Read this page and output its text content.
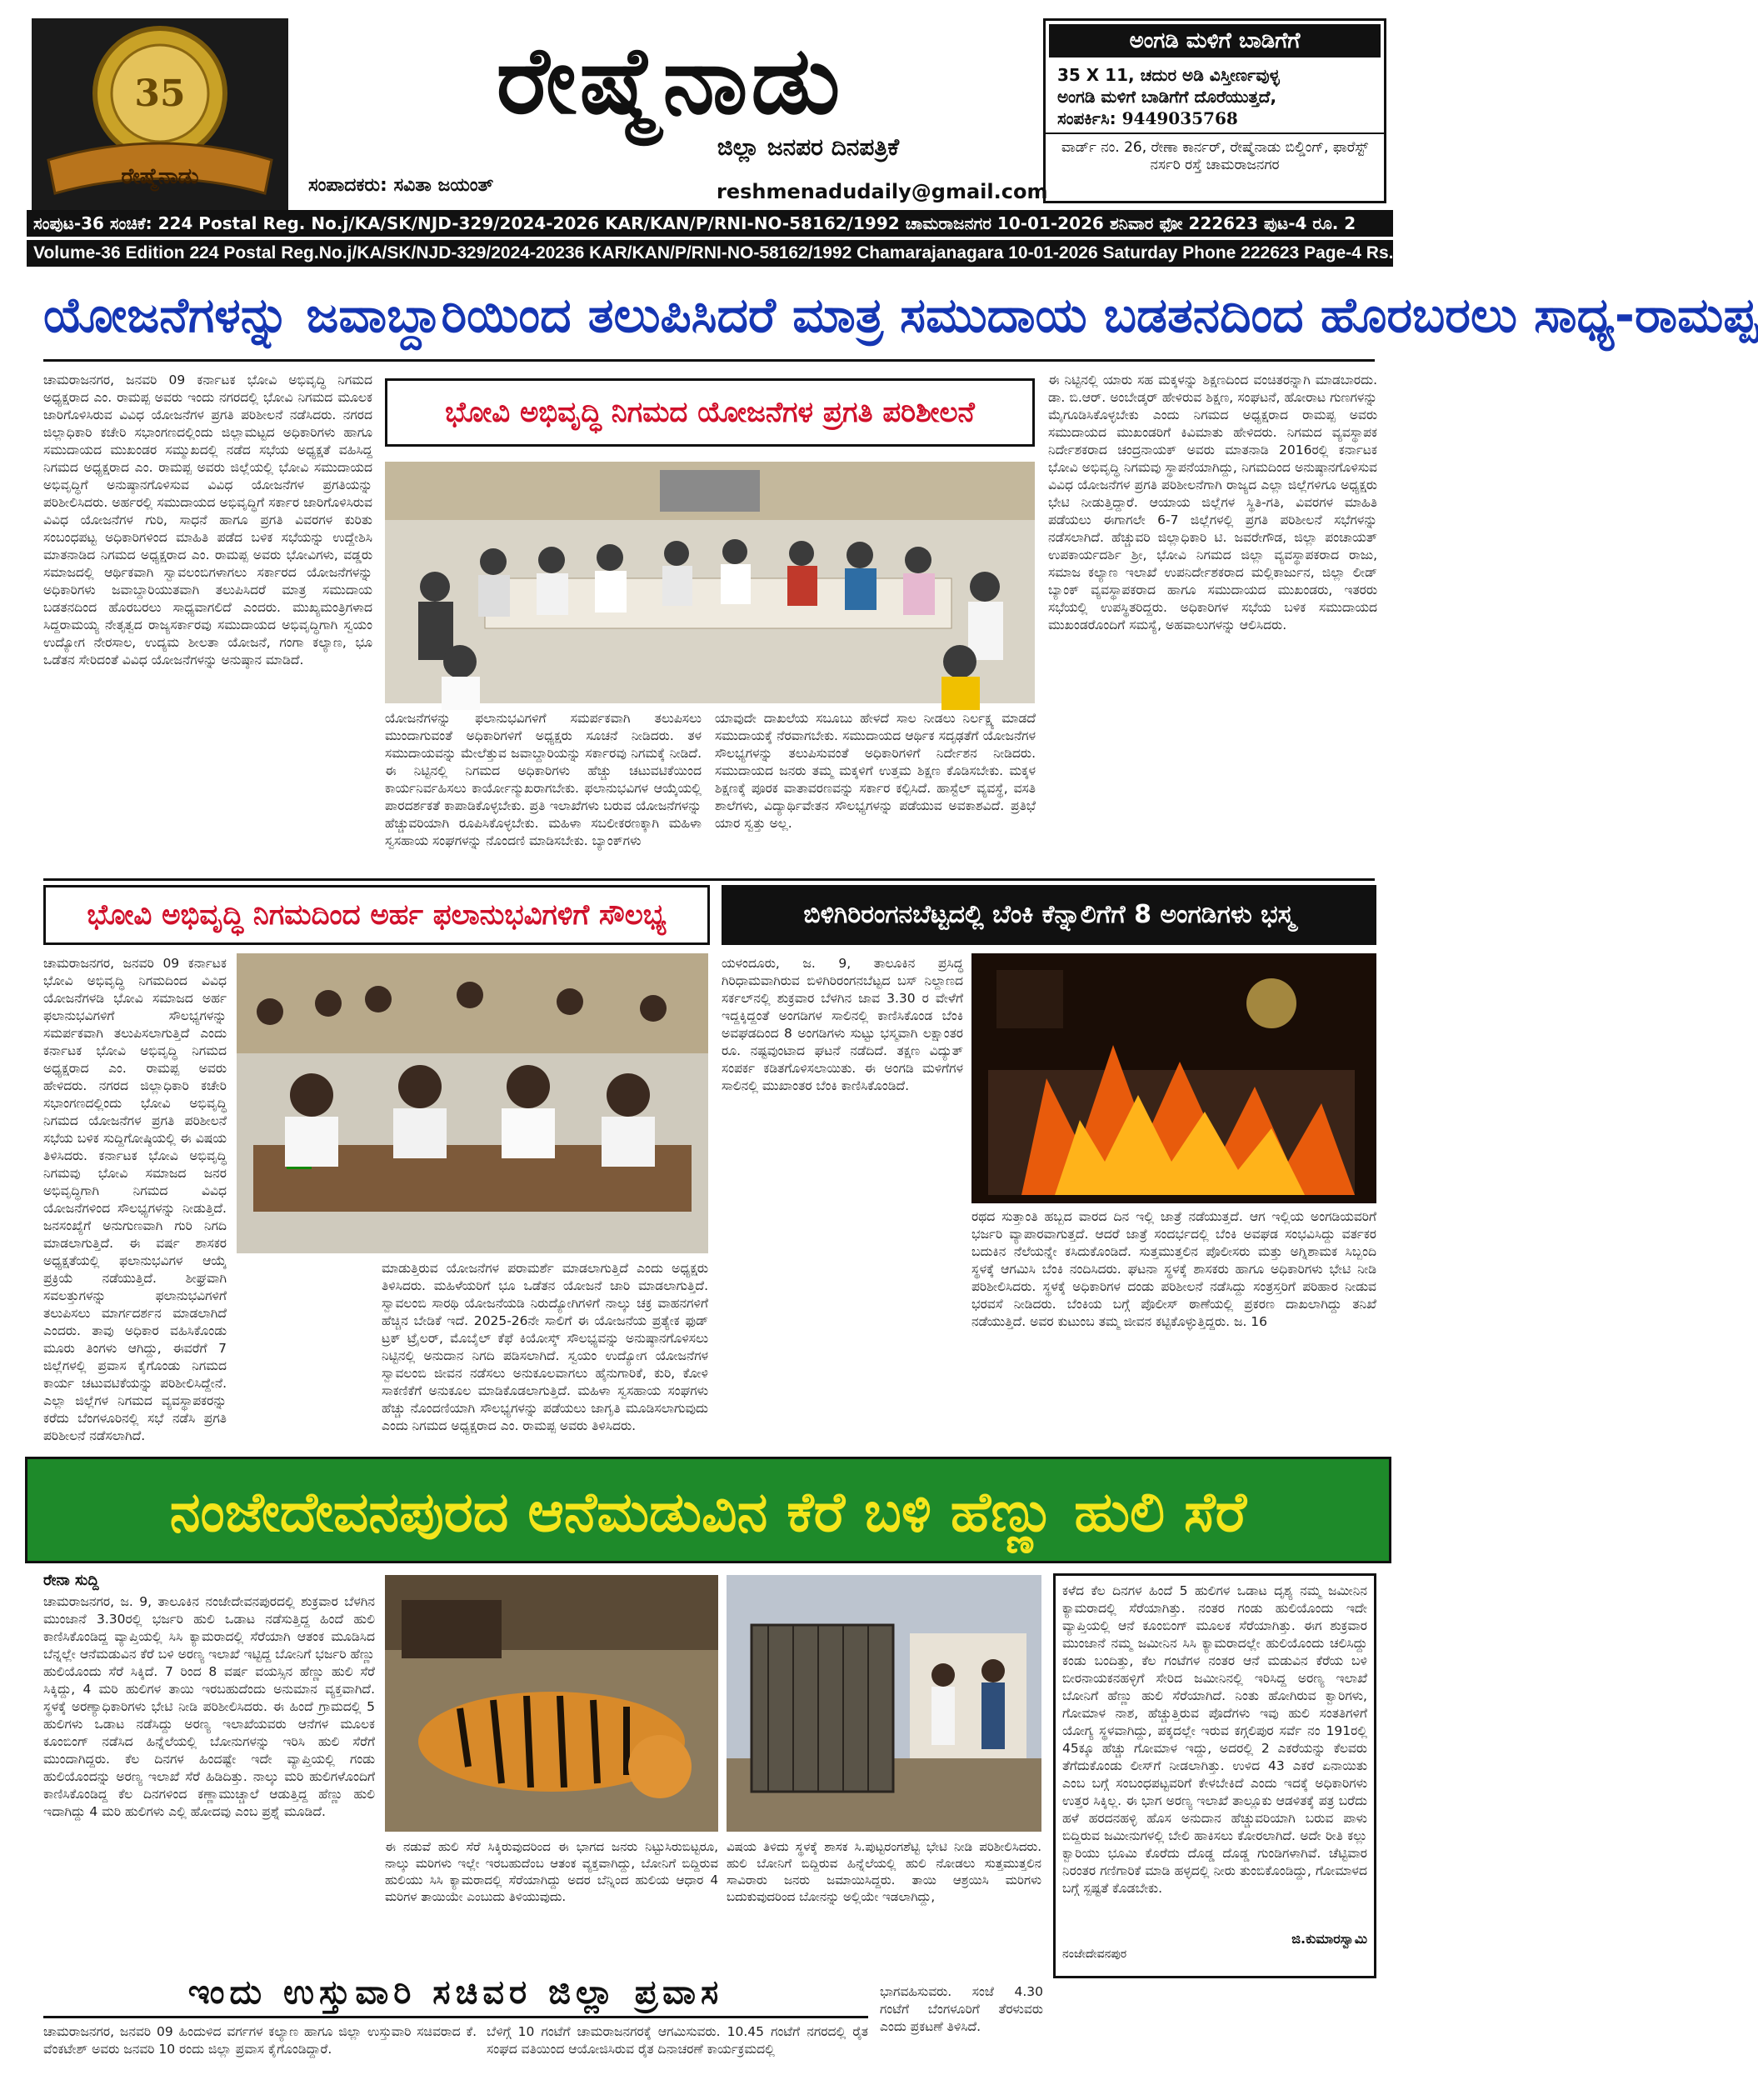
35
ರೇಷ್ಮೆನಾಡು
ರೇಷ್ಮೆನಾಡು
ಜಿಲ್ಲಾ ಜನಪರ ದಿನಪತ್ರಿಕೆ
ಸಂಪಾದಕರು: ಸವಿತಾ ಜಯಂತ್	reshmenadudaily@gmail.com
ಅಂಗಡಿ ಮಳಿಗೆ ಬಾಡಿಗೆಗೆ
35 X 11, ಚದುರ ಅಡಿ ವಿಸ್ತೀರ್ಣವುಳ್ಳ
ಅಂಗಡಿ ಮಳಿಗೆ ಬಾಡಿಗೆಗೆ ದೊರೆಯುತ್ತದೆ,
ಸಂಪರ್ಕಿಸಿ: 9449035768
ವಾರ್ಡ್ ನಂ. 26, ರೇಣಾ ಕಾರ್ನರ್, ರೇಷ್ಮೆನಾಡು ಬಿಲ್ಡಿಂಗ್, ಫಾರೆಸ್ಟ್ ನರ್ಸರಿ ರಸ್ತೆ ಚಾಮರಾಜನಗರ
ಸಂಪುಟ-36 ಸಂಚಿಕೆ: 224 Postal Reg. No.j/KA/SK/NJD-329/2024-2026 KAR/KAN/P/RNI-NO-58162/1992 ಚಾಮರಾಜನಗರ 10-01-2026 ಶನಿವಾರ ಫೋ 222623 ಪುಟ-4 ರೂ. 2
Volume-36 Edition 224 Postal Reg.No.j/KA/SK/NJD-329/2024-20236 KAR/KAN/P/RNI-NO-58162/1992 Chamarajanagara 10-01-2026 Saturday Phone 222623 Page-4 Rs.2
ಯೋಜನೆಗಳನ್ನು ಜವಾಬ್ದಾರಿಯಿಂದ ತಲುಪಿಸಿದರೆ ಮಾತ್ರ ಸಮುದಾಯ ಬಡತನದಿಂದ ಹೊರಬರಲು ಸಾಧ್ಯ-ರಾಮಪ್ಪ
ಚಾಮರಾಜನಗರ, ಜನವರಿ 09 ಕರ್ನಾಟಕ ಭೋವಿ ಅಭಿವೃದ್ಧಿ ನಿಗಮದ ಅಧ್ಯಕ್ಷರಾದ ಎಂ. ರಾಮಪ್ಪ ಅವರು ಇಂದು ನಗರದಲ್ಲಿ ಭೋವಿ ನಿಗಮದ ಮೂಲಕ ಜಾರಿಗೊಳಿಸಿರುವ ವಿವಿಧ ಯೋಜನೆಗಳ ಪ್ರಗತಿ ಪರಿಶೀಲನೆ ನಡೆಸಿದರು. ನಗರದ ಜಿಲ್ಲಾಧಿಕಾರಿ ಕಚೇರಿ ಸಭಾಂಗಣದಲ್ಲಿಂದು ಜಿಲ್ಲಾಮಟ್ಟದ ಅಧಿಕಾರಿಗಳು ಹಾಗೂ ಸಮುದಾಯದ ಮುಖಂಡರ ಸಮ್ಮುಖದಲ್ಲಿ ನಡೆದ ಸಭೆಯ ಅಧ್ಯಕ್ಷತೆ ವಹಿಸಿದ್ದ ನಿಗಮದ ಅಧ್ಯಕ್ಷರಾದ ಎಂ. ರಾಮಪ್ಪ ಅವರು ಜಿಲ್ಲೆಯಲ್ಲಿ ಭೋವಿ ಸಮುದಾಯದ ಅಭಿವೃದ್ಧಿಗೆ ಅನುಷ್ಠಾನಗೊಳಿಸುವ ವಿವಿಧ ಯೋಜನೆಗಳ ಪ್ರಗತಿಯನ್ನು ಪರಿಶೀಲಿಸಿದರು. ಅರ್ಹರಲ್ಲಿ ಸಮುದಾಯದ ಅಭಿವೃದ್ಧಿಗೆ ಸರ್ಕಾರ ಜಾರಿಗೊಳಿಸಿರುವ ವಿವಿಧ ಯೋಜನೆಗಳ ಗುರಿ, ಸಾಧನೆ ಹಾಗೂ ಪ್ರಗತಿ ವಿವರಗಳ ಕುರಿತು ಸಂಬಂಧಪಟ್ಟ ಅಧಿಕಾರಿಗಳಿಂದ ಮಾಹಿತಿ ಪಡೆದ ಬಳಿಕ ಸಭೆಯನ್ನು ಉದ್ದೇಶಿಸಿ ಮಾತನಾಡಿದ ನಿಗಮದ ಅಧ್ಯಕ್ಷರಾದ ಎಂ. ರಾಮಪ್ಪ ಅವರು ಭೋವಿಗಳು, ವಡ್ಡರು ಸಮಾಜದಲ್ಲಿ ಆರ್ಥಿಕವಾಗಿ ಸ್ವಾವಲಂಬಿಗಳಾಗಲು ಸರ್ಕಾರದ ಯೋಜನೆಗಳನ್ನು ಅಧಿಕಾರಿಗಳು ಜವಾಬ್ದಾರಿಯುತವಾಗಿ ತಲುಪಿಸಿದರೆ ಮಾತ್ರ ಸಮುದಾಯ ಬಡತನದಿಂದ ಹೊರಬರಲು ಸಾಧ್ಯವಾಗಲಿದೆ ಎಂದರು. ಮುಖ್ಯಮಂತ್ರಿಗಳಾದ ಸಿದ್ದರಾಮಯ್ಯ ನೇತೃತ್ವದ ರಾಜ್ಯಸರ್ಕಾರವು ಸಮುದಾಯದ ಅಭಿವೃದ್ಧಿಗಾಗಿ ಸ್ವಯಂ ಉದ್ಯೋಗ ನೇರಸಾಲ, ಉದ್ಯಮ ಶೀಲತಾ ಯೋಜನೆ, ಗಂಗಾ ಕಲ್ಯಾಣ, ಭೂ ಒಡೆತನ ಸೇರಿದಂತೆ ವಿವಿಧ ಯೋಜನೆಗಳನ್ನು ಅನುಷ್ಠಾನ ಮಾಡಿದೆ.
ಭೋವಿ ಅಭಿವೃದ್ಧಿ ನಿಗಮದ ಯೋಜನೆಗಳ ಪ್ರಗತಿ ಪರಿಶೀಲನೆ
ಯೋಜನೆಗಳನ್ನು ಫಲಾನುಭವಿಗಳಿಗೆ ಸಮರ್ಪಕವಾಗಿ ತಲುಪಿಸಲು ಮುಂದಾಗುವಂತೆ ಅಧಿಕಾರಿಗಳಿಗೆ ಅಧ್ಯಕ್ಷರು ಸೂಚನೆ ನೀಡಿದರು. ತಳ ಸಮುದಾಯವನ್ನು ಮೇಲೆತ್ತುವ ಜವಾಬ್ದಾರಿಯನ್ನು ಸರ್ಕಾರವು ನಿಗಮಕ್ಕೆ ನೀಡಿದೆ. ಈ ನಿಟ್ಟಿನಲ್ಲಿ ನಿಗಮದ ಅಧಿಕಾರಿಗಳು ಹೆಚ್ಚು ಚಟುವಟಿಕೆಯಿಂದ ಕಾರ್ಯನಿರ್ವಹಿಸಲು ಕಾರ್ಯೋನ್ಮುಖರಾಗಬೇಕು. ಫಲಾನುಭವಿಗಳ ಆಯ್ಕೆಯಲ್ಲಿ ಪಾರದರ್ಶಕತೆ ಕಾಪಾಡಿಕೊಳ್ಳಬೇಕು. ಪ್ರತಿ ಇಲಾಖೆಗಳು ಬರುವ ಯೋಜನೆಗಳನ್ನು ಹೆಚ್ಚುವರಿಯಾಗಿ ರೂಪಿಸಿಕೊಳ್ಳಬೇಕು. ಮಹಿಳಾ ಸಬಲೀಕರಣಕ್ಕಾಗಿ ಮಹಿಳಾ ಸ್ವಸಹಾಯ ಸಂಘಗಳನ್ನು ನೊಂದಣಿ ಮಾಡಿಸಬೇಕು. ಬ್ಯಾಂಕ್‌ಗಳು
ಯಾವುದೇ ದಾಖಲೆಯ ಸಬೂಬು ಹೇಳದೆ ಸಾಲ ನೀಡಲು ನಿರ್ಲಕ್ಷ್ಯ ಮಾಡದೆ ಸಮುದಾಯಕ್ಕೆ ನೆರವಾಗಬೇಕು. ಸಮುದಾಯದ ಆರ್ಥಿಕ ಸದೃಢತೆಗೆ ಯೋಜನೆಗಳ ಸೌಲಭ್ಯಗಳನ್ನು ತಲುಪಿಸುವಂತೆ ಅಧಿಕಾರಿಗಳಿಗೆ ನಿರ್ದೇಶನ ನೀಡಿದರು. ಸಮುದಾಯದ ಜನರು ತಮ್ಮ ಮಕ್ಕಳಿಗೆ ಉತ್ತಮ ಶಿಕ್ಷಣ ಕೊಡಿಸಬೇಕು. ಮಕ್ಕಳ ಶಿಕ್ಷಣಕ್ಕೆ ಪೂರಕ ವಾತಾವರಣವನ್ನು ಸರ್ಕಾರ ಕಲ್ಪಿಸಿದೆ. ಹಾಸ್ಟೆಲ್ ವ್ಯವಸ್ಥೆ, ವಸತಿ ಶಾಲೆಗಳು, ವಿದ್ಯಾರ್ಥಿವೇತನ ಸೌಲಭ್ಯಗಳನ್ನು ಪಡೆಯುವ ಅವಕಾಶವಿದೆ. ಪ್ರತಿಭೆ ಯಾರ ಸ್ವತ್ತು ಅಲ್ಲ.
ಈ ನಿಟ್ಟಿನಲ್ಲಿ ಯಾರು ಸಹ ಮಕ್ಕಳನ್ನು ಶಿಕ್ಷಣದಿಂದ ವಂಚಿತರನ್ನಾಗಿ ಮಾಡಬಾರದು. ಡಾ. ಬಿ.ಆರ್. ಅಂಬೇಡ್ಕರ್ ಹೇಳಿರುವ ಶಿಕ್ಷಣ, ಸಂಘಟನೆ, ಹೋರಾಟ ಗುಣಗಳನ್ನು ಮೈಗೂಡಿಸಿಕೊಳ್ಳಬೇಕು ಎಂದು ನಿಗಮದ ಅಧ್ಯಕ್ಷರಾದ ರಾಮಪ್ಪ ಅವರು ಸಮುದಾಯದ ಮುಖಂಡರಿಗೆ ಕಿವಿಮಾತು ಹೇಳಿದರು. ನಿಗಮದ ವ್ಯವಸ್ಥಾಪಕ ನಿರ್ದೇಶಕರಾದ ಚಂದ್ರನಾಯಕ್ ಅವರು ಮಾತನಾಡಿ 2016ರಲ್ಲಿ ಕರ್ನಾಟಕ ಭೋವಿ ಅಭಿವೃದ್ಧಿ ನಿಗಮವು ಸ್ಥಾಪನೆಯಾಗಿದ್ದು, ನಿಗಮದಿಂದ ಅನುಷ್ಠಾನಗೊಳಿಸುವ ವಿವಿಧ ಯೋಜನೆಗಳ ಪ್ರಗತಿ ಪರಿಶೀಲನೆಗಾಗಿ ರಾಜ್ಯದ ಎಲ್ಲಾ ಜಿಲ್ಲೆಗಳಿಗೂ ಅಧ್ಯಕ್ಷರು ಭೇಟಿ ನೀಡುತ್ತಿದ್ದಾರೆ. ಆಯಾಯ ಜಿಲ್ಲೆಗಳ ಸ್ಥಿತಿ-ಗತಿ, ವಿವರಗಳ ಮಾಹಿತಿ ಪಡೆಯಲು ಈಗಾಗಲೇ 6-7 ಜಿಲ್ಲೆಗಳಲ್ಲಿ ಪ್ರಗತಿ ಪರಿಶೀಲನೆ ಸಭೆಗಳನ್ನು ನಡೆಸಲಾಗಿದೆ. ಹೆಚ್ಚುವರಿ ಜಿಲ್ಲಾಧಿಕಾರಿ ಟಿ. ಜವರೇಗೌಡ, ಜಿಲ್ಲಾ ಪಂಚಾಯತ್ ಉಪಕಾರ್ಯದರ್ಶಿ ಶ್ರೀ, ಭೋವಿ ನಿಗಮದ ಜಿಲ್ಲಾ ವ್ಯವಸ್ಥಾಪಕರಾದ ರಾಜು, ಸಮಾಜ ಕಲ್ಯಾಣ ಇಲಾಖೆ ಉಪನಿರ್ದೇಶಕರಾದ ಮಲ್ಲಿಕಾರ್ಜುನ, ಜಿಲ್ಲಾ ಲೀಡ್ ಬ್ಯಾಂಕ್ ವ್ಯವಸ್ಥಾಪಕರಾದ ಹಾಗೂ ಸಮುದಾಯದ ಮುಖಂಡರು, ಇತರರು ಸಭೆಯಲ್ಲಿ ಉಪಸ್ಥಿತರಿದ್ದರು. ಅಧಿಕಾರಿಗಳ ಸಭೆಯ ಬಳಿಕ ಸಮುದಾಯದ ಮುಖಂಡರೊಂದಿಗೆ ಸಮಸ್ಯೆ, ಅಹವಾಲುಗಳನ್ನು ಆಲಿಸಿದರು.
ಭೋವಿ ಅಭಿವೃದ್ಧಿ ನಿಗಮದಿಂದ ಅರ್ಹ ಫಲಾನುಭವಿಗಳಿಗೆ ಸೌಲಭ್ಯ
ಚಾಮರಾಜನಗರ, ಜನವರಿ 09 ಕರ್ನಾಟಕ ಭೋವಿ ಅಭಿವೃದ್ಧಿ ನಿಗಮದಿಂದ ವಿವಿಧ ಯೋಜನೆಗಳಡಿ ಭೋವಿ ಸಮಾಜದ ಅರ್ಹ ಫಲಾನುಭವಿಗಳಿಗೆ ಸೌಲಭ್ಯಗಳನ್ನು ಸಮರ್ಪಕವಾಗಿ ತಲುಪಿಸಲಾಗುತ್ತಿದೆ ಎಂದು ಕರ್ನಾಟಕ ಭೋವಿ ಅಭಿವೃದ್ಧಿ ನಿಗಮದ ಅಧ್ಯಕ್ಷರಾದ ಎಂ. ರಾಮಪ್ಪ ಅವರು ಹೇಳಿದರು. ನಗರದ ಜಿಲ್ಲಾಧಿಕಾರಿ ಕಚೇರಿ ಸಭಾಂಗಣದಲ್ಲಿಂದು ಭೋವಿ ಅಭಿವೃದ್ಧಿ ನಿಗಮದ ಯೋಜನೆಗಳ ಪ್ರಗತಿ ಪರಿಶೀಲನೆ ಸಭೆಯ ಬಳಿಕ ಸುದ್ದಿಗೋಷ್ಠಿಯಲ್ಲಿ ಈ ವಿಷಯ ತಿಳಿಸಿದರು. ಕರ್ನಾಟಕ ಭೋವಿ ಅಭಿವೃದ್ಧಿ ನಿಗಮವು ಭೋವಿ ಸಮಾಜದ ಜನರ ಅಭಿವೃದ್ಧಿಗಾಗಿ ನಿಗಮದ ವಿವಿಧ ಯೋಜನೆಗಳಿಂದ ಸೌಲಭ್ಯಗಳನ್ನು ನೀಡುತ್ತಿದೆ. ಜನಸಂಖ್ಯೆಗೆ ಅನುಗುಣವಾಗಿ ಗುರಿ ನಿಗದಿ ಮಾಡಲಾಗುತ್ತಿದೆ. ಈ ವರ್ಷ ಶಾಸಕರ ಅಧ್ಯಕ್ಷತೆಯಲ್ಲಿ ಫಲಾನುಭವಿಗಳ ಆಯ್ಕೆ ಪ್ರಕ್ರಿಯೆ ನಡೆಯುತ್ತಿದೆ. ಶೀಘ್ರವಾಗಿ ಸವಲತ್ತುಗಳನ್ನು ಫಲಾನುಭವಿಗಳಿಗೆ ತಲುಪಿಸಲು ಮಾರ್ಗದರ್ಶನ ಮಾಡಲಾಗಿದೆ ಎಂದರು. ತಾವು ಅಧಿಕಾರ ವಹಿಸಿಕೊಂಡು ಮೂರು ತಿಂಗಳು ಆಗಿದ್ದು, ಈವರೆಗೆ 7 ಜಿಲ್ಲೆಗಳಲ್ಲಿ ಪ್ರವಾಸ ಕೈಗೊಂಡು ನಿಗಮದ ಕಾರ್ಯ ಚಟುವಟಿಕೆಯನ್ನು ಪರಿಶೀಲಿಸಿದ್ದೇನೆ. ಎಲ್ಲಾ ಜಿಲ್ಲೆಗಳ ನಿಗಮದ ವ್ಯವಸ್ಥಾಪಕರನ್ನು ಕರೆದು ಬೆಂಗಳೂರಿನಲ್ಲಿ ಸಭೆ ನಡೆಸಿ ಪ್ರಗತಿ ಪರಿಶೀಲನೆ ನಡೆಸಲಾಗಿದೆ.
ಮಾಡುತ್ತಿರುವ ಯೋಜನೆಗಳ ಪರಾಮರ್ಶೆ ಮಾಡಲಾಗುತ್ತಿದೆ ಎಂದು ಅಧ್ಯಕ್ಷರು ತಿಳಿಸಿದರು. ಮಹಿಳೆಯರಿಗೆ ಭೂ ಒಡೆತನ ಯೋಜನೆ ಜಾರಿ ಮಾಡಲಾಗುತ್ತಿದೆ. ಸ್ವಾವಲಂಬಿ ಸಾರಥಿ ಯೋಜನೆಯಡಿ ನಿರುದ್ಯೋಗಿಗಳಿಗೆ ನಾಲ್ಕು ಚಕ್ರ ವಾಹನಗಳಿಗೆ ಹೆಚ್ಚಿನ ಬೇಡಿಕೆ ಇದೆ. 2025-26ನೇ ಸಾಲಿಗೆ ಈ ಯೋಜನೆಯ ಪ್ರತ್ಯೇಕ ಫುಡ್ ಟ್ರಕ್ ಟ್ರೈಲರ್, ಮೊಬೈಲ್ ಕೆಫೆ ಕಿಯೋಸ್ಕ್ ಸೌಲಭ್ಯವನ್ನು ಅನುಷ್ಠಾನಗೊಳಿಸಲು ನಿಟ್ಟಿನಲ್ಲಿ ಅನುದಾನ ನಿಗದಿ ಪಡಿಸಲಾಗಿದೆ. ಸ್ವಯಂ ಉದ್ಯೋಗ ಯೋಜನೆಗಳ ಸ್ವಾವಲಂಬಿ ಜೀವನ ನಡೆಸಲು ಅನುಕೂಲವಾಗಲು ಹೈನುಗಾರಿಕೆ, ಕುರಿ, ಕೋಳಿ ಸಾಕಣಿಕೆಗೆ ಅನುಕೂಲ ಮಾಡಿಕೊಡಲಾಗುತ್ತಿದೆ. ಮಹಿಳಾ ಸ್ವಸಹಾಯ ಸಂಘಗಳು ಹೆಚ್ಚು ನೊಂದಣಿಯಾಗಿ ಸೌಲಭ್ಯಗಳನ್ನು ಪಡೆಯಲು ಜಾಗೃತಿ ಮೂಡಿಸಲಾಗುವುದು ಎಂದು ನಿಗಮದ ಅಧ್ಯಕ್ಷರಾದ ಎಂ. ರಾಮಪ್ಪ ಅವರು ತಿಳಿಸಿದರು.
ಬಿಳಿಗಿರಿರಂಗನಬೆಟ್ಟದಲ್ಲಿ ಬೆಂಕಿ ಕೆನ್ನಾಲಿಗೆಗೆ 8 ಅಂಗಡಿಗಳು ಭಸ್ಮ
ಯಳಂದೂರು, ಜ. 9, ತಾಲೂಕಿನ ಪ್ರಸಿದ್ಧ ಗಿರಿಧಾಮವಾಗಿರುವ ಬಿಳಿಗಿರಿರಂಗನಬೆಟ್ಟದ ಬಸ್ ನಿಲ್ದಾಣದ ಸರ್ಕಲ್‌ನಲ್ಲಿ ಶುಕ್ರವಾರ ಬೆಳಗಿನ ಜಾವ 3.30 ರ ವೇಳೆಗೆ ಇದ್ದಕ್ಕಿದ್ದಂತೆ ಅಂಗಡಿಗಳ ಸಾಲಿನಲ್ಲಿ ಕಾಣಿಸಿಕೊಂಡ ಬೆಂಕಿ ಅವಘಡದಿಂದ 8 ಅಂಗಡಿಗಳು ಸುಟ್ಟು ಭಸ್ಮವಾಗಿ ಲಕ್ಷಾಂತರ ರೂ. ನಷ್ಟವುಂಟಾದ ಘಟನೆ ನಡೆದಿದೆ. ತಕ್ಷಣ ವಿದ್ಯುತ್ ಸಂಪರ್ಕ ಕಡಿತಗೊಳಿಸಲಾಯಿತು. ಈ ಅಂಗಡಿ ಮಳಿಗೆಗಳ ಸಾಲಿನಲ್ಲಿ ಮುಖಾಂತರ ಬೆಂಕಿ ಕಾಣಿಸಿಕೊಂಡಿದೆ.
ರಥದ ಸುತ್ತಾಂತಿ ಹಬ್ಬದ ವಾರದ ದಿನ ಇಲ್ಲಿ ಜಾತ್ರೆ ನಡೆಯುತ್ತದೆ. ಆಗ ಇಲ್ಲಿಯ ಅಂಗಡಿಯವರಿಗೆ ಭರ್ಜರಿ ವ್ಯಾಪಾರವಾಗುತ್ತದೆ. ಆದರೆ ಜಾತ್ರೆ ಸಂದರ್ಭದಲ್ಲಿ ಬೆಂಕಿ ಅವಘಡ ಸಂಭವಿಸಿದ್ದು ವರ್ತಕರ ಬದುಕಿನ ನೆಲೆಯನ್ನೇ ಕಸಿದುಕೊಂಡಿದೆ. ಸುತ್ತಮುತ್ತಲಿನ ಪೊಲೀಸರು ಮತ್ತು ಅಗ್ನಿಶಾಮಕ ಸಿಬ್ಬಂದಿ ಸ್ಥಳಕ್ಕೆ ಆಗಮಿಸಿ ಬೆಂಕಿ ನಂದಿಸಿದರು. ಘಟನಾ ಸ್ಥಳಕ್ಕೆ ಶಾಸಕರು ಹಾಗೂ ಅಧಿಕಾರಿಗಳು ಭೇಟಿ ನೀಡಿ ಪರಿಶೀಲಿಸಿದರು. ಸ್ಥಳಕ್ಕೆ ಅಧಿಕಾರಿಗಳ ದಂಡು ಪರಿಶೀಲನೆ ನಡೆಸಿದ್ದು ಸಂತ್ರಸ್ತರಿಗೆ ಪರಿಹಾರ ನೀಡುವ ಭರವಸೆ ನೀಡಿದರು. ಬೆಂಕಿಯ ಬಗ್ಗೆ ಪೊಲೀಸ್ ಠಾಣೆಯಲ್ಲಿ ಪ್ರಕರಣ ದಾಖಲಾಗಿದ್ದು ತನಿಖೆ ನಡೆಯುತ್ತಿದೆ. ಅವರ ಕುಟುಂಬ ತಮ್ಮ ಜೀವನ ಕಟ್ಟಿಕೊಳ್ಳುತ್ತಿದ್ದರು. ಜ. 16
ನಂಜೇದೇವನಪುರದ ಆನೆಮಡುವಿನ ಕೆರೆ ಬಳಿ ಹೆಣ್ಣು ಹುಲಿ ಸೆರೆ
ರೇನಾ ಸುದ್ದಿ
ಚಾಮರಾಜನಗರ, ಜ. 9, ತಾಲೂಕಿನ ನಂಜೇದೇವನಪುರದಲ್ಲಿ ಶುಕ್ರವಾರ ಬೆಳಗಿನ ಮುಂಜಾನೆ 3.30ರಲ್ಲಿ ಭರ್ಜರಿ ಹುಲಿ ಒಡಾಟ ನಡೆಸುತ್ತಿದ್ದ ಹಿಂದೆ ಹುಲಿ ಕಾಣಿಸಿಕೊಂಡಿದ್ದ ವ್ಯಾಪ್ತಿಯಲ್ಲಿ ಸಿಸಿ ಕ್ಯಾಮರಾದಲ್ಲಿ ಸೆರೆಯಾಗಿ ಆತಂಕ ಮೂಡಿಸಿದ ಬೆನ್ನಲ್ಲೇ ಆನೆಮಡುವಿನ ಕೆರೆ ಬಳಿ ಅರಣ್ಯ ಇಲಾಖೆ ಇಟ್ಟಿದ್ದ ಬೋನಿಗೆ ಭರ್ಜರಿ ಹೆಣ್ಣು ಹುಲಿಯೊಂದು ಸೆರೆ ಸಿಕ್ಕಿದೆ. 7 ರಿಂದ 8 ವರ್ಷ ವಯಸ್ಸಿನ ಹೆಣ್ಣು ಹುಲಿ ಸೆರೆ ಸಿಕ್ಕಿದ್ದು, 4 ಮರಿ ಹುಲಿಗಳ ತಾಯಿ ಇರಬಹುದೆಂದು ಅನುಮಾನ ವ್ಯಕ್ತವಾಗಿದೆ. ಸ್ಥಳಕ್ಕೆ ಅರಣ್ಯಾಧಿಕಾರಿಗಳು ಭೇಟಿ ನೀಡಿ ಪರಿಶೀಲಿಸಿದರು. ಈ ಹಿಂದೆ ಗ್ರಾಮದಲ್ಲಿ 5 ಹುಲಿಗಳು ಒಡಾಟ ನಡೆಸಿದ್ದು ಅರಣ್ಯ ಇಲಾಖೆಯವರು ಆನೆಗಳ ಮೂಲಕ ಕೂಂಬಿಂಗ್ ನಡೆಸಿದ ಹಿನ್ನೆಲೆಯಲ್ಲಿ ಬೋನುಗಳನ್ನು ಇರಿಸಿ ಹುಲಿ ಸೆರೆಗೆ ಮುಂದಾಗಿದ್ದರು. ಕೆಲ ದಿನಗಳ ಹಿಂದಷ್ಟೇ ಇದೇ ವ್ಯಾಪ್ತಿಯಲ್ಲಿ ಗಂಡು ಹುಲಿಯೊಂದನ್ನು ಅರಣ್ಯ ಇಲಾಖೆ ಸೆರೆ ಹಿಡಿದಿತ್ತು. ನಾಲ್ಕು ಮರಿ ಹುಲಿಗಳೊಂದಿಗೆ ಕಾಣಿಸಿಕೊಂಡಿದ್ದ ಕೆಲ ದಿನಗಳಿಂದ ಕಣ್ಣಾಮುಚ್ಚಾಲೆ ಆಡುತ್ತಿದ್ದ ಹೆಣ್ಣು ಹುಲಿ ಇದಾಗಿದ್ದು 4 ಮರಿ ಹುಲಿಗಳು ಎಲ್ಲಿ ಹೋದವು ಎಂಬ ಪ್ರಶ್ನೆ ಮೂಡಿದೆ.
ಈ ನಡುವೆ ಹುಲಿ ಸೆರೆ ಸಿಕ್ಕಿರುವುದರಿಂದ ಈ ಭಾಗದ ಜನರು ನಿಟ್ಟುಸಿರುಬಿಟ್ಟರೂ, ನಾಲ್ಕು ಮರಿಗಳು ಇಲ್ಲೇ ಇರಬಹುದೆಂಬ ಆತಂಕ ವ್ಯಕ್ತವಾಗಿದ್ದು, ಬೋನಿಗೆ ಬಿದ್ದಿರುವ ಹುಲಿಯು ಸಿಸಿ ಕ್ಯಾಮರಾದಲ್ಲಿ ಸೆರೆಯಾಗಿದ್ದು ಅದರ ಬೆನ್ನಿಂದ ಹುಲಿಯ ಆಧಾರ 4 ಮರಿಗಳ ತಾಯಿಯೇ ಎಂಬುದು ತಿಳಿಯುವುದು.
ವಿಷಯ ತಿಳಿದು ಸ್ಥಳಕ್ಕೆ ಶಾಸಕ ಸಿ.ಪುಟ್ಟರಂಗಶೆಟ್ಟಿ ಭೇಟಿ ನೀಡಿ ಪರಿಶೀಲಿಸಿದರು. ಹುಲಿ ಬೋನಿಗೆ ಬಿದ್ದಿರುವ ಹಿನ್ನೆಲೆಯಲ್ಲಿ ಹುಲಿ ನೋಡಲು ಸುತ್ತಮುತ್ತಲಿನ ಸಾವಿರಾರು ಜನರು ಜಮಾಯಿಸಿದ್ದರು. ತಾಯಿ ಆಶ್ರಯಿಸಿ ಮರಿಗಳು ಬದುಕುವುದರಿಂದ ಬೋನನ್ನು ಅಲ್ಲಿಯೇ ಇಡಲಾಗಿದ್ದು,
ಕಳೆದ ಕೆಲ ದಿನಗಳ ಹಿಂದೆ 5 ಹುಲಿಗಳ ಒಡಾಟ ದೃಶ್ಯ ನಮ್ಮ ಜಮೀನಿನ ಕ್ಯಾಮರಾದಲ್ಲಿ ಸೆರೆಯಾಗಿತ್ತು. ನಂತರ ಗಂಡು ಹುಲಿಯೊಂದು ಇದೇ ವ್ಯಾಪ್ತಿಯಲ್ಲಿ ಆನೆ ಕೂಂಬಿಂಗ್ ಮೂಲಕ ಸೆರೆಯಾಗಿತ್ತು. ಈಗ ಶುಕ್ರವಾರ ಮುಂಜಾನೆ ನಮ್ಮ ಜಮೀನಿನ ಸಿಸಿ ಕ್ಯಾಮರಾದಲ್ಲೇ ಹುಲಿಯೊಂದು ಚಲಿಸಿದ್ದು ಕಂಡು ಬಂದಿತ್ತು, ಕೆಲ ಗಂಟೆಗಳ ನಂತರ ಆನೆ ಮಡುವಿನ ಕೆರೆಯ ಬಳಿ ಬೀರನಾಯಕನಹಳ್ಳಿಗೆ ಸೇರಿದ ಜಮೀನಿನಲ್ಲಿ ಇರಿಸಿದ್ದ ಅರಣ್ಯ ಇಲಾಖೆ ಬೋನಿಗೆ ಹೆಣ್ಣು ಹುಲಿ ಸೆರೆಯಾಗಿದೆ. ನಿಂತು ಹೋಗಿರುವ ಕ್ವಾರಿಗಳು, ಗೋಮಾಳ ನಾಶ, ಹೆಚ್ಚುತ್ತಿರುವ ಪೊದೆಗಳು ಇವು ಹುಲಿ ಸಂತತಿಗಳಿಗೆ ಯೋಗ್ಯ ಸ್ಥಳವಾಗಿದ್ದು, ಪಕ್ಕದಲ್ಲೇ ಇರುವ ಕಗ್ಗಲಿಪುರ ಸರ್ವೆ ನಂ 191ರಲ್ಲಿ 45ಕ್ಕೂ ಹೆಚ್ಚು ಗೋಮಾಳ ಇದ್ದು, ಅದರಲ್ಲಿ 2 ಎಕರೆಯನ್ನು ಕೆಲವರು ತೆಗೆದುಕೊಂಡು ಲೀಸ್‌ಗೆ ನೀಡಲಾಗಿತ್ತು. ಉಳಿದ 43 ಎಕರೆ ಏನಾಯಿತು ಎಂಬ ಬಗ್ಗೆ ಸಂಬಂಧಪಟ್ಟವರಿಗೆ ಕೇಳಬೇಕಿದೆ ಎಂದು ಇದಕ್ಕೆ ಅಧಿಕಾರಿಗಳು ಉತ್ತರ ಸಿಕ್ಕಿಲ್ಲ. ಈ ಭಾಗ ಅರಣ್ಯ ಇಲಾಖೆ ತಾಲ್ಲೂಕು ಆಡಳಿತಕ್ಕೆ ಪತ್ರ ಬರೆದು ಹಳೆ ಹರದನಹಳ್ಳಿ ಹೊಸ ಅನುದಾನ ಹೆಚ್ಚುವರಿಯಾಗಿ ಬರುವ ಪಾಳು ಬಿದ್ದಿರುವ ಜಮೀನುಗಳಲ್ಲಿ ಬೇಲಿ ಹಾಕಿಸಲು ಕೋರಲಾಗಿದೆ. ಅದೇ ರೀತಿ ಕಲ್ಲು ಕ್ವಾರಿಯು ಭೂಮಿ ಕೊರೆದು ದೊಡ್ಡ ದೊಡ್ಡ ಗುಂಡಿಗಳಾಗಿವೆ. ಚೆಟ್ಟಿವಾರ ನಿರಂತರ ಗಣಿಗಾರಿಕೆ ಮಾಡಿ ಹಳ್ಳದಲ್ಲಿ ನೀರು ತುಂಬಿಕೊಂಡಿದ್ದು, ಗೋಮಾಳದ ಬಗ್ಗೆ ಸ್ಪಷ್ಟತೆ ಕೊಡಬೇಕು.
ಜಿ.ಕುಮಾರಸ್ವಾಮಿ
ನಂಜೇದೇವನಪುರ
ಇಂದು ಉಸ್ತುವಾರಿ ಸಚಿವರ ಜಿಲ್ಲಾ ಪ್ರವಾಸ
ಚಾಮರಾಜನಗರ, ಜನವರಿ 09 ಹಿಂದುಳಿದ ವರ್ಗಗಳ ಕಲ್ಯಾಣ ಹಾಗೂ ಜಿಲ್ಲಾ ಉಸ್ತುವಾರಿ ಸಚಿವರಾದ ಕೆ. ವೆಂಕಟೇಶ್ ಅವರು ಜನವರಿ 10 ರಂದು ಜಿಲ್ಲಾ ಪ್ರವಾಸ ಕೈಗೊಂಡಿದ್ದಾರೆ.
ಬೆಳಿಗ್ಗೆ 10 ಗಂಟೆಗೆ ಚಾಮರಾಜನಗರಕ್ಕೆ ಆಗಮಿಸುವರು. 10.45 ಗಂಟೆಗೆ ನಗರದಲ್ಲಿ ರೈತ ಸಂಘದ ವತಿಯಿಂದ ಆಯೋಜಿಸಿರುವ ರೈತ ದಿನಾಚರಣೆ ಕಾರ್ಯಕ್ರಮದಲ್ಲಿ
ಭಾಗವಹಿಸುವರು. ಸಂಜೆ 4.30 ಗಂಟೆಗೆ ಬೆಂಗಳೂರಿಗೆ ತೆರಳುವರು ಎಂದು ಪ್ರಕಟಣೆ ತಿಳಿಸಿದೆ.
